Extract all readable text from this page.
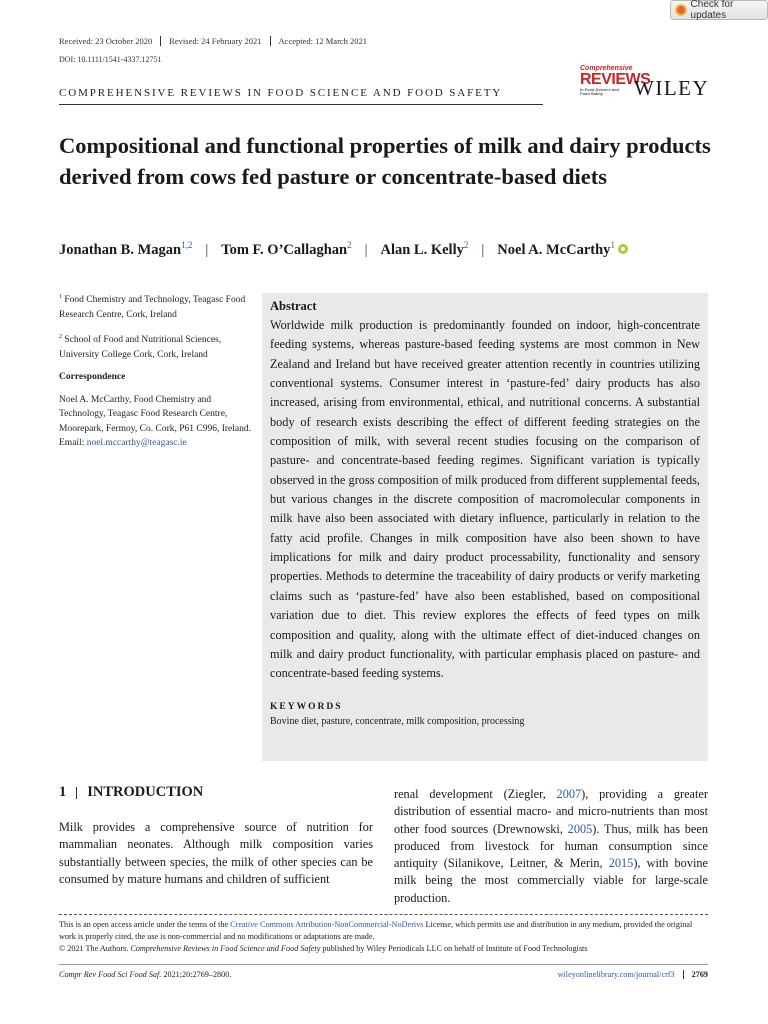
Check for updates
Received: 23 October 2020	Revised: 24 February 2021	Accepted: 12 March 2021
DOI: 10.1111/1541-4337.12751
COMPREHENSIVE REVIEWS IN FOOD SCIENCE AND FOOD SAFETY
Comprehensive
REVIEWS
In Food Science and Food Safety	WILEY
Compositional and functional properties of milk and dairy products derived from cows fed pasture or concentrate-based diets
Jonathan B. Magan$^{1,2}$ | Tom F. O’Callaghan$^2$ | Alan L. Kelly$^2$ | Noel A. McCarthy$^1$

$^1$ Food Chemistry and Technology, Teagasc Food Research Centre, Cork, Ireland

$^2$ School of Food and Nutritional Sciences, University College Cork, Cork, Ireland

Correspondence

Noel A. McCarthy, Food Chemistry and Technology, Teagasc Food Research Centre, Moorepark, Fermoy, Co. Cork, P61 C996, Ireland.
Email: noel.mccarthy@teagasc.ie

Abstract

Worldwide milk production is predominantly founded on indoor, high-concentrate feeding systems, whereas pasture-based feeding systems are most common in New Zealand and Ireland but have received greater attention recently in countries utilizing conventional systems. Consumer interest in ‘pasture-fed’ dairy products has also increased, arising from environmental, ethical, and nutritional concerns. A substantial body of research exists describing the effect of different feeding strategies on the composition of milk, with several recent studies focusing on the comparison of pasture- and concentrate-based feeding regimes. Significant variation is typically observed in the gross composition of milk produced from different supplemental feeds, but various changes in the discrete composition of macromolecular components in milk have also been associated with dietary influence, particularly in relation to the fatty acid profile. Changes in milk composition have also been shown to have implications for milk and dairy product processability, functionality and sensory properties. Methods to determine the traceability of dairy products or verify marketing claims such as ‘pasture-fed’ have also been established, based on compositional variation due to diet. This review explores the effects of feed types on milk composition and quality, along with the ultimate effect of diet-induced changes on milk and dairy product functionality, with particular emphasis placed on pasture- and concentrate-based feeding systems.

KEYWORDS

Bovine diet, pasture, concentrate, milk composition, processing

1 INTRODUCTION

Milk provides a comprehensive source of nutrition for mammalian neonates. Although milk composition varies substantially between species, the milk of other species can be consumed by mature humans and children of sufficient

renal development (Ziegler, 2007), providing a greater distribution of essential macro- and micro-nutrients than most other food sources (Drewnowski, 2005). Thus, milk has been produced from livestock for human consumption since antiquity (Silanikove, Leitner, & Merin, 2015), with bovine milk being the most commercially viable for large-scale production.

This is an open access article under the terms of the Creative Commons Attribution-NonCommercial-NoDerivs License, which permits use and distribution in any medium, provided the original work is properly cited, the use is non-commercial and no modifications or adaptations are made.

© 2021 The Authors. Comprehensive Reviews in Food Science and Food Safety published by Wiley Periodicals LLC on behalf of Institute of Food Technologists

Compr Rev Food Sci Food Saf. 2021;20:2769–2800.	wileyonlinelibrary.com/journal/crf3	2769
